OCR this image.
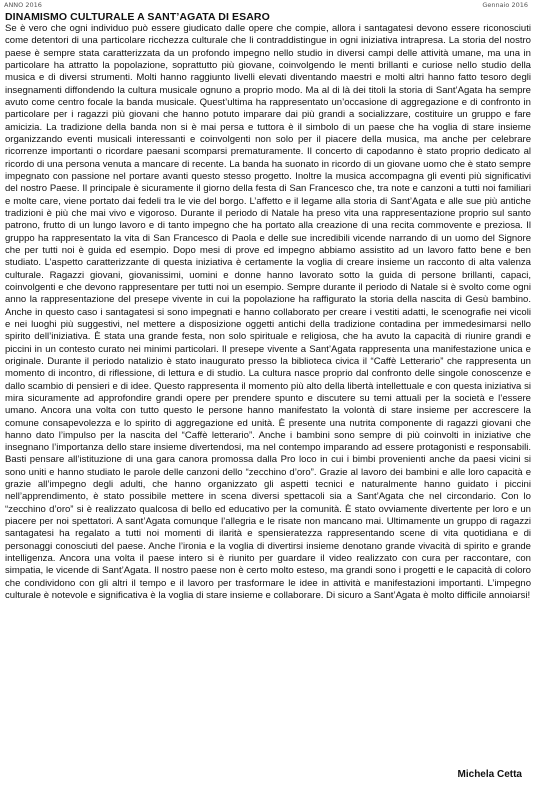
ANNO 2016	Gennaio 2016
DINAMISMO CULTURALE A SANT’AGATA DI ESARO

Se è vero che ogni individuo può essere giudicato dalle opere che compie, allora i santagatesi devono essere riconosciuti come detentori di una particolare ricchezza culturale che li contraddistingue in ogni iniziativa intrapresa. La storia del nostro paese è sempre stata caratterizzata da un profondo impegno nello studio in diversi campi delle attività umane, ma una in particolare ha attratto la popolazione, soprattutto più giovane, coinvolgendo le menti brillanti e curiose nello studio della musica e di diversi strumenti. Molti hanno raggiunto livelli elevati diventando maestri e molti altri hanno fatto tesoro degli insegnamenti diffondendo la cultura musicale ognuno a proprio modo. Ma al di là dei titoli la storia di Sant’Agata ha sempre avuto come centro focale la banda musicale. Quest’ultima ha rappresentato un’occasione di aggregazione e di confronto in particolare per i ragazzi più giovani che hanno potuto imparare dai più grandi a socializzare, costituire un gruppo e fare amicizia. La tradizione della banda non si è mai persa e tuttora è il simbolo di un paese che ha voglia di stare insieme organizzando eventi musicali interessanti e coinvolgenti non solo per il piacere della musica, ma anche per celebrare ricorrenze importanti o ricordare paesani scomparsi prematuramente. Il concerto di capodanno è stato proprio dedicato al ricordo di una persona venuta a mancare di recente. La banda ha suonato in ricordo di un giovane uomo che è stato sempre impegnato con passione nel portare avanti questo stesso progetto. Inoltre la musica accompagna gli eventi più significativi del nostro Paese. Il principale è sicuramente il giorno della festa di San Francesco che, tra note e canzoni a tutti noi familiari e molte care, viene portato dai fedeli tra le vie del borgo. L’affetto e il legame alla storia di Sant’Agata e alle sue più antiche tradizioni è più che mai vivo e vigoroso. Durante il periodo di Natale ha preso vita una rappresentazione proprio sul santo patrono, frutto di un lungo lavoro e di tanto impegno che ha portato alla creazione di una recita commovente e preziosa. Il gruppo ha rappresentato la vita di San Francesco di Paola e delle sue incredibili vicende narrando di un uomo del Signore che per tutti noi è guida ed esempio. Dopo mesi di prove ed impegno abbiamo assistito ad un lavoro fatto bene e ben studiato. L’aspetto caratterizzante di questa iniziativa è certamente la voglia di creare insieme un racconto di alta valenza culturale. Ragazzi giovani, giovanissimi, uomini e donne hanno lavorato sotto la guida di persone brillanti, capaci, coinvolgenti e che devono rappresentare per tutti noi un esempio. Sempre durante il periodo di Natale si è svolto come ogni anno la rappresentazione del presepe vivente in cui la popolazione ha raffigurato la storia della nascita di Gesù bambino. Anche in questo caso i santagatesi si sono impegnati e hanno collaborato per creare i vestiti adatti, le scenografie nei vicoli e nei luoghi più suggestivi, nel mettere a disposizione oggetti antichi della tradizione contadina per immedesimarsi nello spirito dell’iniziativa. È stata una grande festa, non solo spirituale e religiosa, che ha avuto la capacità di riunire grandi e piccini in un contesto curato nei minimi particolari. Il presepe vivente a Sant’Agata rappresenta una manifestazione unica e originale. Durante il periodo natalizio è stato inaugurato presso la biblioteca civica il “Caffè Letterario” che rappresenta un momento di incontro, di riflessione, di lettura e di studio. La cultura nasce proprio dal confronto delle singole conoscenze e dallo scambio di pensieri e di idee. Questo rappresenta il momento più alto della libertà intellettuale e con questa iniziativa si mira sicuramente ad approfondire grandi opere per prendere spunto e discutere su temi attuali per la società e l’essere umano. Ancora una volta con tutto questo le persone hanno manifestato la volontà di stare insieme per accrescere la comune consapevolezza e lo spirito di aggregazione ed unità. È presente una nutrita componente di ragazzi giovani che hanno dato l’impulso per la nascita del “Caffè letterario”. Anche i bambini sono sempre di più coinvolti in iniziative che insegnano l’importanza dello stare insieme divertendosi, ma nel contempo imparando ad essere protagonisti e responsabili. Basti pensare all’istituzione di una gara canora promossa dalla Pro loco in cui i bimbi provenienti anche da paesi vicini si sono uniti e hanno studiato le parole delle canzoni dello “zecchino d’oro”. Grazie al lavoro dei bambini e alle loro capacità e grazie all’impegno degli adulti, che hanno organizzato gli aspetti tecnici e naturalmente hanno guidato i piccini nell’apprendimento, è stato possibile mettere in scena diversi spettacoli sia a Sant’Agata che nel circondario. Con lo “zecchino d’oro” si è realizzato qualcosa di bello ed educativo per la comunità. È stato ovviamente divertente per loro e un piacere per noi spettatori. A sant’Agata comunque l’allegria e le risate non mancano mai. Ultimamente un gruppo di ragazzi santagatesi ha regalato a tutti noi momenti di ilarità e spensieratezza rappresentando scene di vita quotidiana e di personaggi conosciuti del paese. Anche l’ironia e la voglia di divertirsi insieme denotano grande vivacità di spirito e grande intelligenza. Ancora una volta il paese intero si è riunito per guardare il video realizzato con cura per raccontare, con simpatia, le vicende di Sant’Agata. Il nostro paese non è certo molto esteso, ma grandi sono i progetti e le capacità di coloro che condividono con gli altri il tempo e il lavoro per trasformare le idee in attività e manifestazioni importanti. L’impegno culturale è notevole e significativa è la voglia di stare insieme e collaborare. Di sicuro a Sant’Agata è molto difficile annoiarsi!

Michela Cetta
